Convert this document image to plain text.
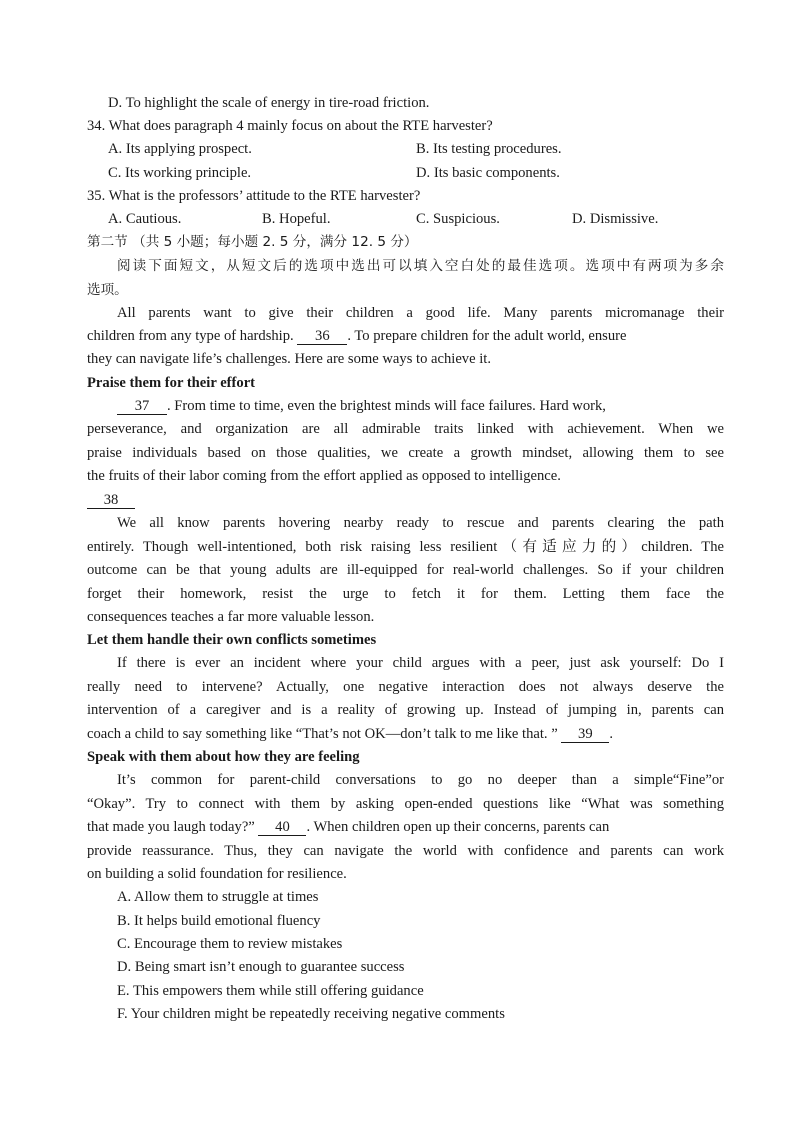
D. To highlight the scale of energy in tire-road friction.
34. What does paragraph 4 mainly focus on about the RTE harvester?
A. Its applying prospect.	B. Its testing procedures.
C. Its working principle.	D. Its basic components.
35. What is the professors’ attitude to the RTE harvester?
A. Cautious.	B. Hopeful.	C. Suspicious.	D. Dismissive.
第二节 （共 5 小题；每小题 2. 5 分，满分 12. 5 分）
阅读下面短文，从短文后的选项中选出可以填入空白处的最佳选项。选项中有两项为多余
选项。
All parents want to give their children a good life. Many parents micromanage their
children from any type of hardship. 36 . To prepare children for the adult world, ensure
they can navigate life’s challenges. Here are some ways to achieve it.
Praise them for their effort
37 . From time to time, even the brightest minds will face failures. Hard work,
perseverance, and organization are all admirable traits linked with achievement. When we
praise individuals based on those qualities, we create a growth mindset, allowing them to see
the fruits of their labor coming from the effort applied as opposed to intelligence.
38
We all know parents hovering nearby ready to rescue and parents clearing the path
entirely. Though well-intentioned, both risk raising less resilient（有适应力的）children. The
outcome can be that young adults are ill-equipped for real-world challenges. So if your children
forget their homework, resist the urge to fetch it for them. Letting them face the
consequences teaches a far more valuable lesson.
Let them handle their own conflicts sometimes
If there is ever an incident where your child argues with a peer, just ask yourself: Do I
really need to intervene? Actually, one negative interaction does not always deserve the
intervention of a caregiver and is a reality of growing up. Instead of jumping in, parents can
coach a child to say something like “That’s not OK—don’t talk to me like that. ” 39 .
Speak with them about how they are feeling
It’s common for parent-child conversations to go no deeper than a simple“Fine”or
“Okay”. Try to connect with them by asking open-ended questions like “What was something
that made you laugh today?” 40 . When children open up their concerns, parents can
provide reassurance. Thus, they can navigate the world with confidence and parents can work
on building a solid foundation for resilience.
A. Allow them to struggle at times
B. It helps build emotional fluency
C. Encourage them to review mistakes
D. Being smart isn’t enough to guarantee success
E. This empowers them while still offering guidance
F. Your children might be repeatedly receiving negative comments
